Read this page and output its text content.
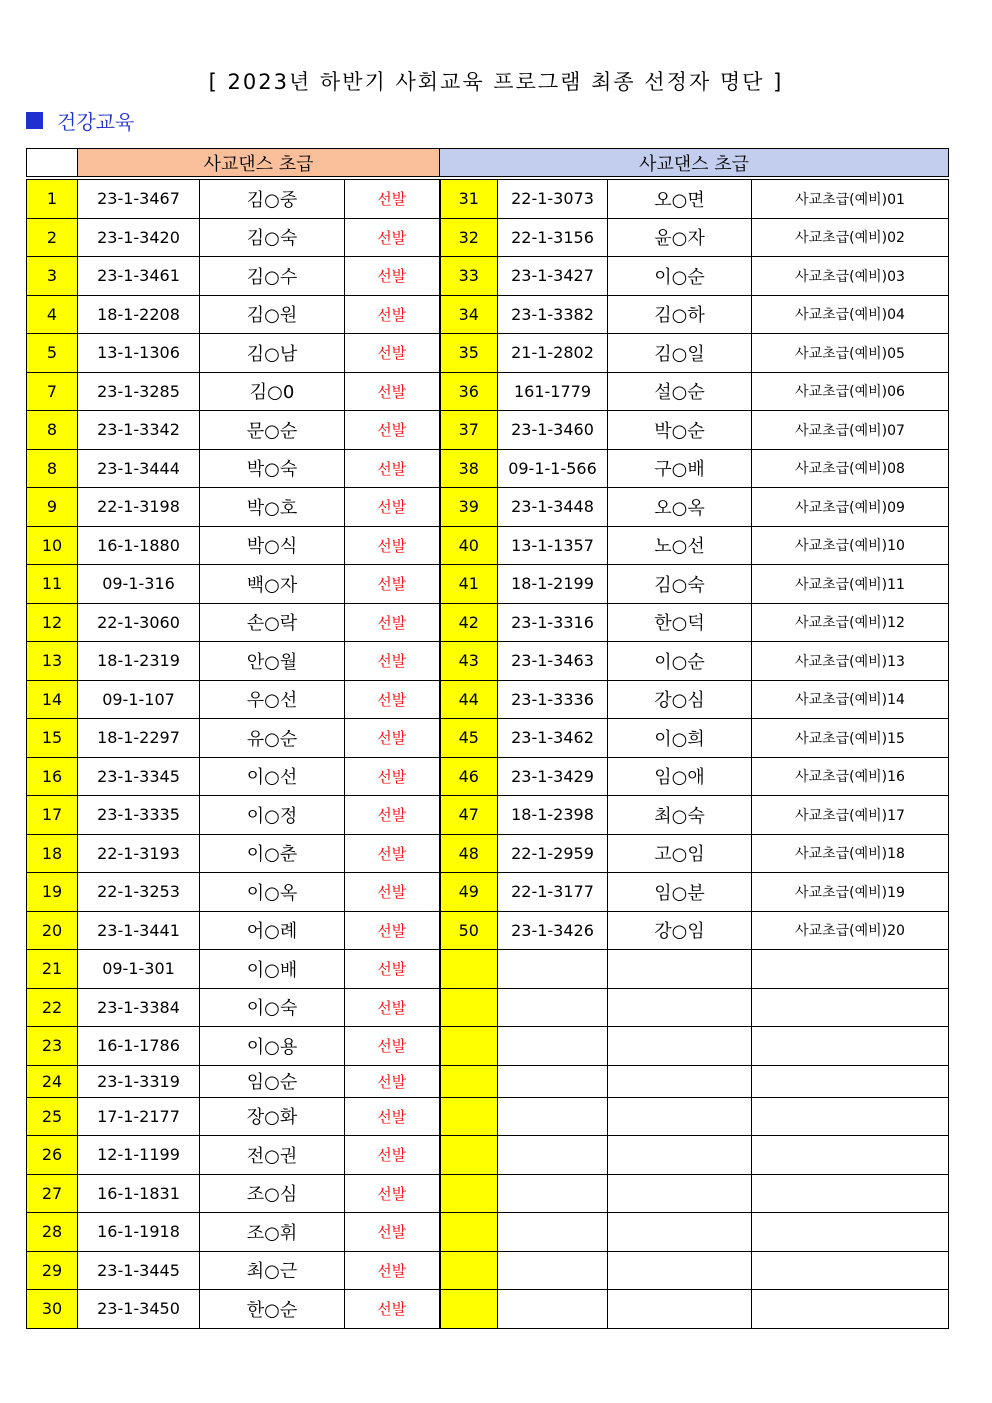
[ 2023년 하반기 사회교육 프로그램 최종 선정자 명단 ]
건강교육
	사교댄스 초급	사교댄스 초급
1	23-1-3467	김○중	선발	31	22-1-3073	오○면	사교초급(예비)01
2	23-1-3420	김○숙	선발	32	22-1-3156	윤○자	사교초급(예비)02
3	23-1-3461	김○수	선발	33	23-1-3427	이○순	사교초급(예비)03
4	18-1-2208	김○원	선발	34	23-1-3382	김○하	사교초급(예비)04
5	13-1-1306	김○남	선발	35	21-1-2802	김○일	사교초급(예비)05
7	23-1-3285	김○0	선발	36	161-1779	설○순	사교초급(예비)06
8	23-1-3342	문○순	선발	37	23-1-3460	박○순	사교초급(예비)07
8	23-1-3444	박○숙	선발	38	09-1-1-566	구○배	사교초급(예비)08
9	22-1-3198	박○호	선발	39	23-1-3448	오○옥	사교초급(예비)09
10	16-1-1880	박○식	선발	40	13-1-1357	노○선	사교초급(예비)10
11	09-1-316	백○자	선발	41	18-1-2199	김○숙	사교초급(예비)11
12	22-1-3060	손○락	선발	42	23-1-3316	한○덕	사교초급(예비)12
13	18-1-2319	안○월	선발	43	23-1-3463	이○순	사교초급(예비)13
14	09-1-107	우○선	선발	44	23-1-3336	강○심	사교초급(예비)14
15	18-1-2297	유○순	선발	45	23-1-3462	이○희	사교초급(예비)15
16	23-1-3345	이○선	선발	46	23-1-3429	임○애	사교초급(예비)16
17	23-1-3335	이○정	선발	47	18-1-2398	최○숙	사교초급(예비)17
18	22-1-3193	이○춘	선발	48	22-1-2959	고○임	사교초급(예비)18
19	22-1-3253	이○옥	선발	49	22-1-3177	임○분	사교초급(예비)19
20	23-1-3441	어○례	선발	50	23-1-3426	강○임	사교초급(예비)20
21	09-1-301	이○배	선발				
22	23-1-3384	이○숙	선발				
23	16-1-1786	이○용	선발				
24	23-1-3319	임○순	선발				
25	17-1-2177	장○화	선발				
26	12-1-1199	전○권	선발				
27	16-1-1831	조○심	선발				
28	16-1-1918	조○휘	선발				
29	23-1-3445	최○근	선발				
30	23-1-3450	한○순	선발				
